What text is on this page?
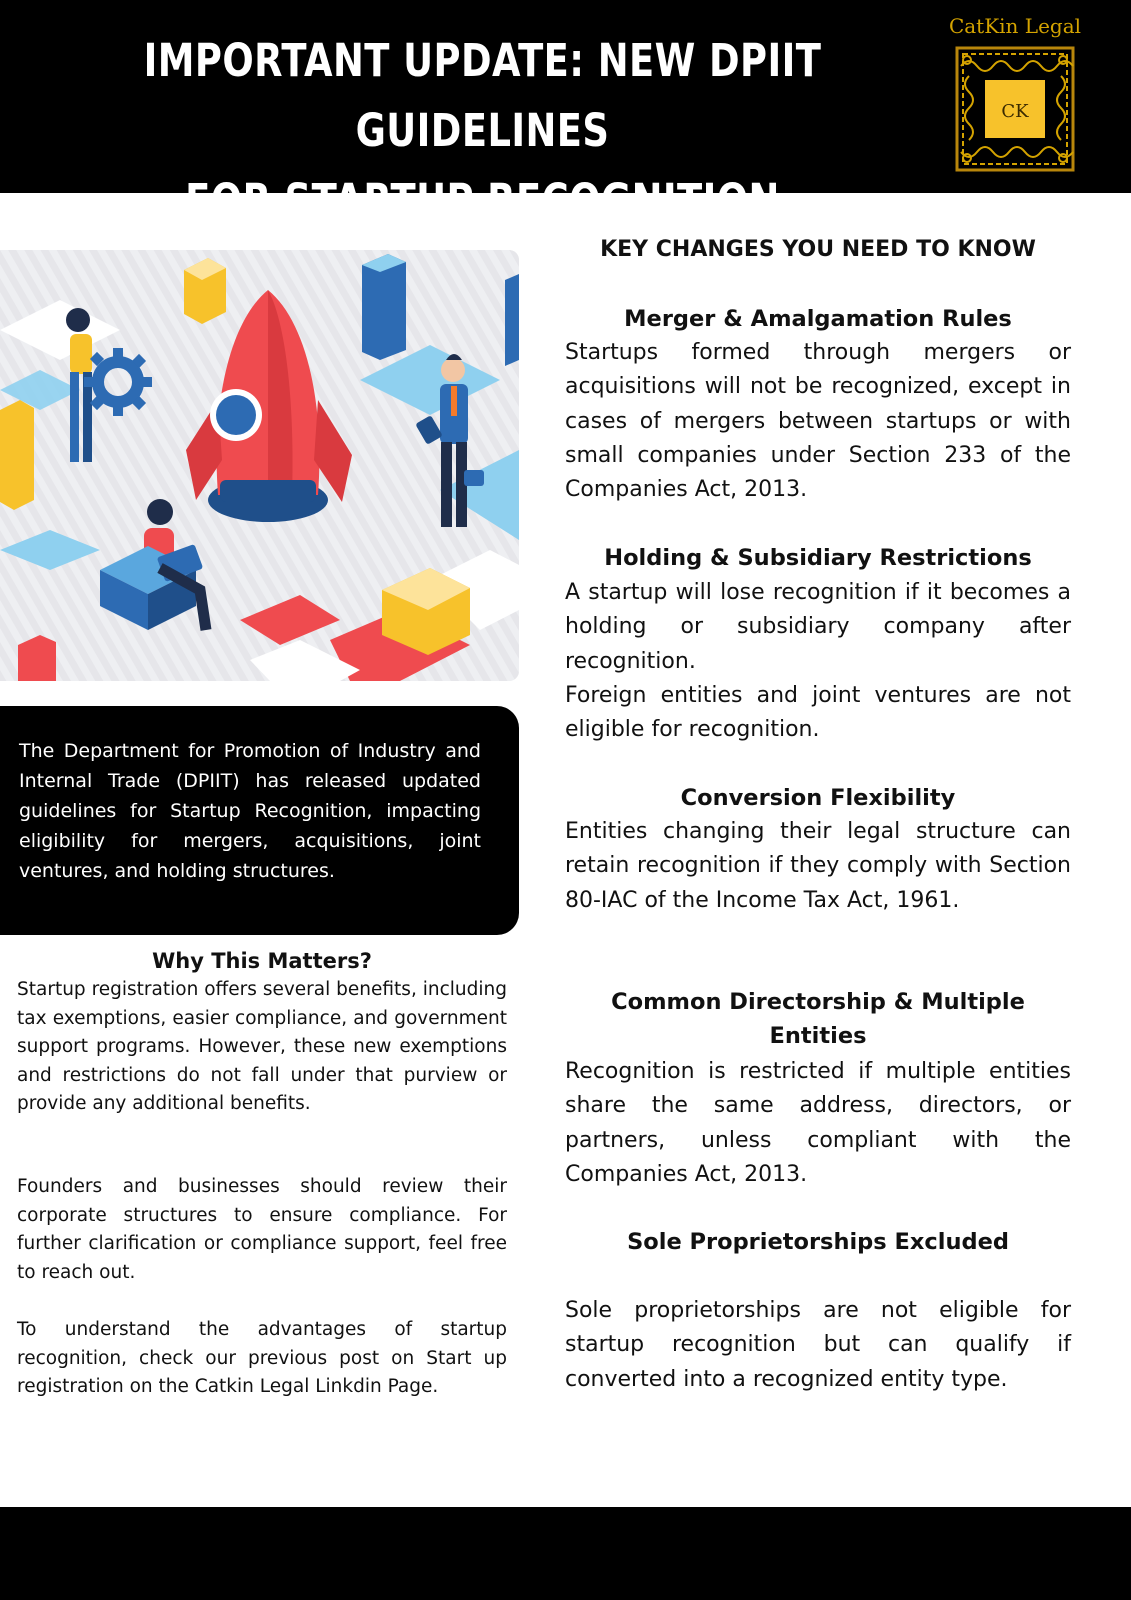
IMPORTANT UPDATE: NEW DPIIT GUIDELINES
FOR STARTUP RECOGNITION
CatKin Legal
CK

The Department for Promotion of Industry and Internal Trade (DPIIT) has released updated guidelines for Startup Recognition, impacting eligibility for mergers, acquisitions, joint ventures, and holding structures.

Why This Matters?

Startup registration offers several benefits, including tax exemptions, easier compliance, and government support programs. However, these new exemptions and restrictions do not fall under that purview or provide any additional benefits.

Founders and businesses should review their corporate structures to ensure compliance. For further clarification or compliance support, feel free to reach out.

To understand the advantages of startup recognition, check our previous post on Start up registration on the Catkin Legal Linkdin Page.

KEY CHANGES YOU NEED TO KNOW
Merger & Amalgamation Rules

Startups formed through mergers or acquisitions will not be recognized, except in cases of mergers between startups or with small companies under Section 233 of the Companies Act, 2013.

Holding & Subsidiary Restrictions

A startup will lose recognition if it becomes a holding or subsidiary company after recognition.

Foreign entities and joint ventures are not eligible for recognition.

Conversion Flexibility

Entities changing their legal structure can retain recognition if they comply with Section 80-IAC of the Income Tax Act, 1961.

Common Directorship & Multiple Entities

Recognition is restricted if multiple entities share the same address, directors, or partners, unless compliant with the Companies Act, 2013.

Sole Proprietorships Excluded

Sole proprietorships are not eligible for startup recognition but can qualify if converted into a recognized entity type.
